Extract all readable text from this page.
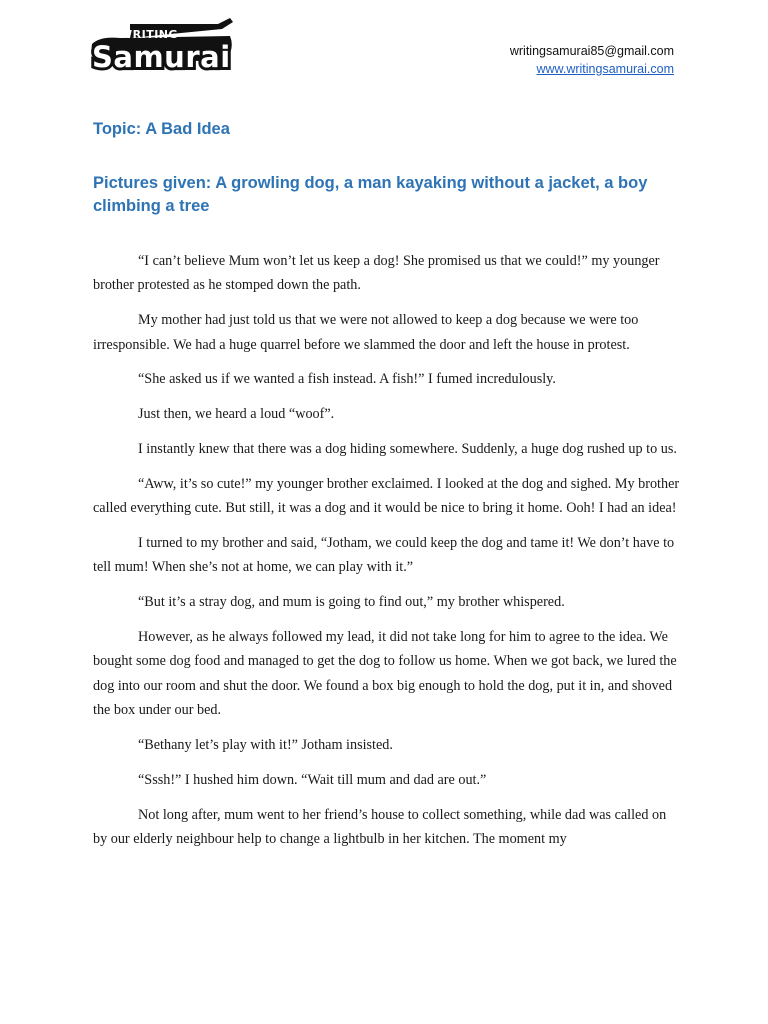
WRITING
Samurai	writingsamurai85@gmail.com
www.writingsamurai.com
Topic: A Bad Idea
Pictures given: A growling dog, a man kayaking without a jacket, a boy climbing a tree

“I can’t believe Mum won’t let us keep a dog! She promised us that we could!” my younger brother protested as he stomped down the path.

My mother had just told us that we were not allowed to keep a dog because we were too irresponsible. We had a huge quarrel before we slammed the door and left the house in protest.

“She asked us if we wanted a fish instead. A fish!” I fumed incredulously.

Just then, we heard a loud “woof”.

I instantly knew that there was a dog hiding somewhere. Suddenly, a huge dog rushed up to us.

“Aww, it’s so cute!” my younger brother exclaimed. I looked at the dog and sighed. My brother called everything cute. But still, it was a dog and it would be nice to bring it home. Ooh! I had an idea!

I turned to my brother and said, “Jotham, we could keep the dog and tame it! We don’t have to tell mum! When she’s not at home, we can play with it.”

“But it’s a stray dog, and mum is going to find out,” my brother whispered.

However, as he always followed my lead, it did not take long for him to agree to the idea. We bought some dog food and managed to get the dog to follow us home. When we got back, we lured the dog into our room and shut the door. We found a box big enough to hold the dog, put it in, and shoved the box under our bed.

“Bethany let’s play with it!” Jotham insisted.

“Sssh!” I hushed him down. “Wait till mum and dad are out.”

Not long after, mum went to her friend’s house to collect something, while dad was called on by our elderly neighbour help to change a lightbulb in her kitchen. The moment my
